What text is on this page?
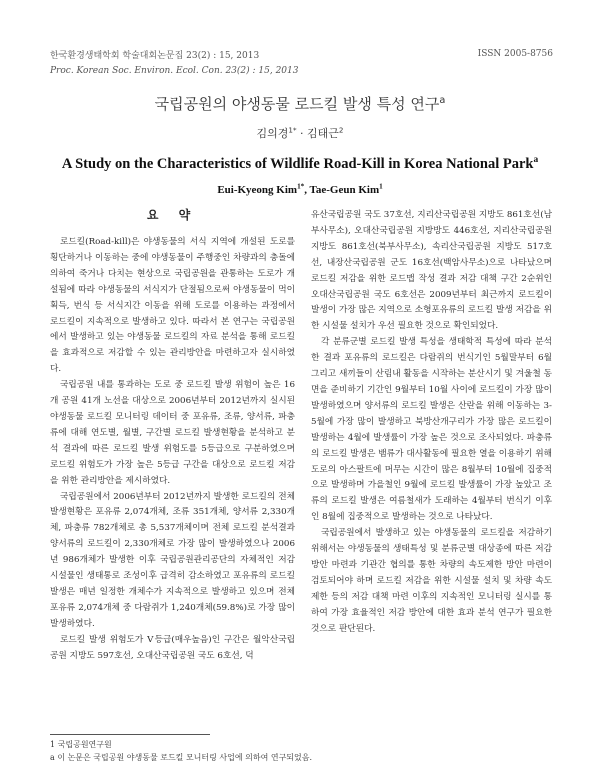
한국환경생태학회 학술대회논문집 23(2) : 15, 2013
Proc. Korean Soc. Environ. Ecol. Con. 23(2) : 15, 2013
ISSN 2005-8756
국립공원의 야생동물 로드킬 발생 특성 연구$^a$
김의경$^{1*}$ · 김태근$^2$
A Study on the Characteristics of Wildlife Road-Kill in Korea National Park$^a$
Eui-Kyeong Kim$^{1*}$, Tae-Geun Kim$^1$
요 약

로드킬(Road-kill)은 야생동물의 서식 지역에 개설된 도로를 횡단하거나 이동하는 중에 야생동물이 주행중인 차량과의 충돌에 의하여 죽거나 다치는 현상으로 국립공원을 관통하는 도로가 개설됨에 따라 야생동물의 서식지가 단절됨으로써 야생동물이 먹이 획득, 번식 등 서식지간 이동을 위해 도로를 이용하는 과정에서 로드킬이 지속적으로 발생하고 있다. 따라서 본 연구는 국립공원에서 발생하고 있는 야생동물 로드킬의 자료 분석을 통해 로드킬을 효과적으로 저감할 수 있는 관리방안을 마련하고자 실시하였다.

국립공원 내를 통과하는 도로 중 로드킬 발생 위험이 높은 16개 공원 41개 노선을 대상으로 2006년부터 2012년까지 실시된 야생동물 로드킬 모니터링 데이터 중 포유류, 조류, 양서류, 파충류에 대해 연도별, 월별, 구간별 로드킬 발생현황을 분석하고 분석 결과에 따른 로드킬 발생 위험도를 5등급으로 구분하였으며 로드킬 위험도가 가장 높은 5등급 구간을 대상으로 로드킬 저감을 위한 관리방안을 제시하였다.

국립공원에서 2006년부터 2012년까지 발생한 로드킬의 전체 발생현황은 포유류 2,074개체, 조류 351개체, 양서류 2,330개체, 파충류 782개체로 총 5,537개체이며 전체 로드킬 분석결과 양서류의 로드킬이 2,330개체로 가장 많이 발생하였으나 2006년 986개체가 발생한 이후 국립공원관리공단의 자체적인 저감 시설물인 생태통로 조성이후 급격히 감소하였고 포유류의 로드킬 발생은 매년 일정한 개체수가 지속적으로 발생하고 있으며 전체 포유류 2,074개체 중 다람쥐가 1,240개체(59.8%)로 가장 많이 발생하였다.

로드킬 발생 위험도가 Ⅴ등급(매우높음)인 구간은 월악산국립공원 지방도 597호선, 오대산국립공원 국도 6호선, 덕

유산국립공원 국도 37호선, 지리산국립공원 지방도 861호선(남부사무소), 오대산국립공원 지방방도 446호선, 지리산국립공원 지방도 861호선(북부사무소), 속리산국립공원 지방도 517호선, 내장산국립공원 군도 16호선(백암사무소)으로 나타났으며 로드킬 저감을 위한 로드맵 작성 결과 저감 대책 구간 2순위인 오대산국립공원 국도 6호선은 2009년부터 최근까지 로드킬이 발생이 가장 많은 지역으로 소형포유류의 로드킬 발생 저감을 위한 시설물 설치가 우선 필요한 것으로 확인되었다.

각 분류군별 로드킬 발생 특성을 생태학적 특성에 따라 분석한 결과 포유류의 로드킬은 다람쥐의 번식기인 5월말부터 6월 그리고 새끼들이 산림내 활동을 시작하는 분산시기 및 겨울철 동면을 준비하기 기간인 9월부터 10월 사이에 로드킬이 가장 많이 발생하였으며 양서류의 로드킬 발생은 산란을 위해 이동하는 3-5월에 가장 많이 발생하고 북방산개구리가 가장 많은 로드킬이 발생하는 4월에 발생률이 가장 높은 것으로 조사되었다. 파충류의 로드킬 발생은 뱀류가 대사활동에 필요한 열을 이용하기 위해 도로의 아스팔트에 머무는 시간이 많은 8월부터 10월에 집중적으로 발생하며 가을철인 9월에 로드킬 발생률이 가장 높았고 조류의 로드킬 발생은 여름철새가 도래하는 4월부터 번식기 이후인 8월에 집중적으로 발생하는 것으로 나타났다.

국립공원에서 발생하고 있는 야생동물의 로드킬을 저감하기 위해서는 야생동물의 생태특성 및 분류군별 대상종에 따른 저감 방안 마련과 기관간 협의를 통한 차량의 속도제한 방안 마련이 검토되어야 하며 로드킬 저감을 위한 시설물 설치 및 차량 속도 제한 등의 저감 대책 마련 이후의 지속적인 모니터링 실시를 통하여 가장 효율적인 저감 방안에 대한 효과 분석 연구가 필요한 것으로 판단된다.

1 국립공원연구원
a 이 논문은 국립공원 야생동물 로드킬 모니터링 사업에 의하여 연구되었음.
